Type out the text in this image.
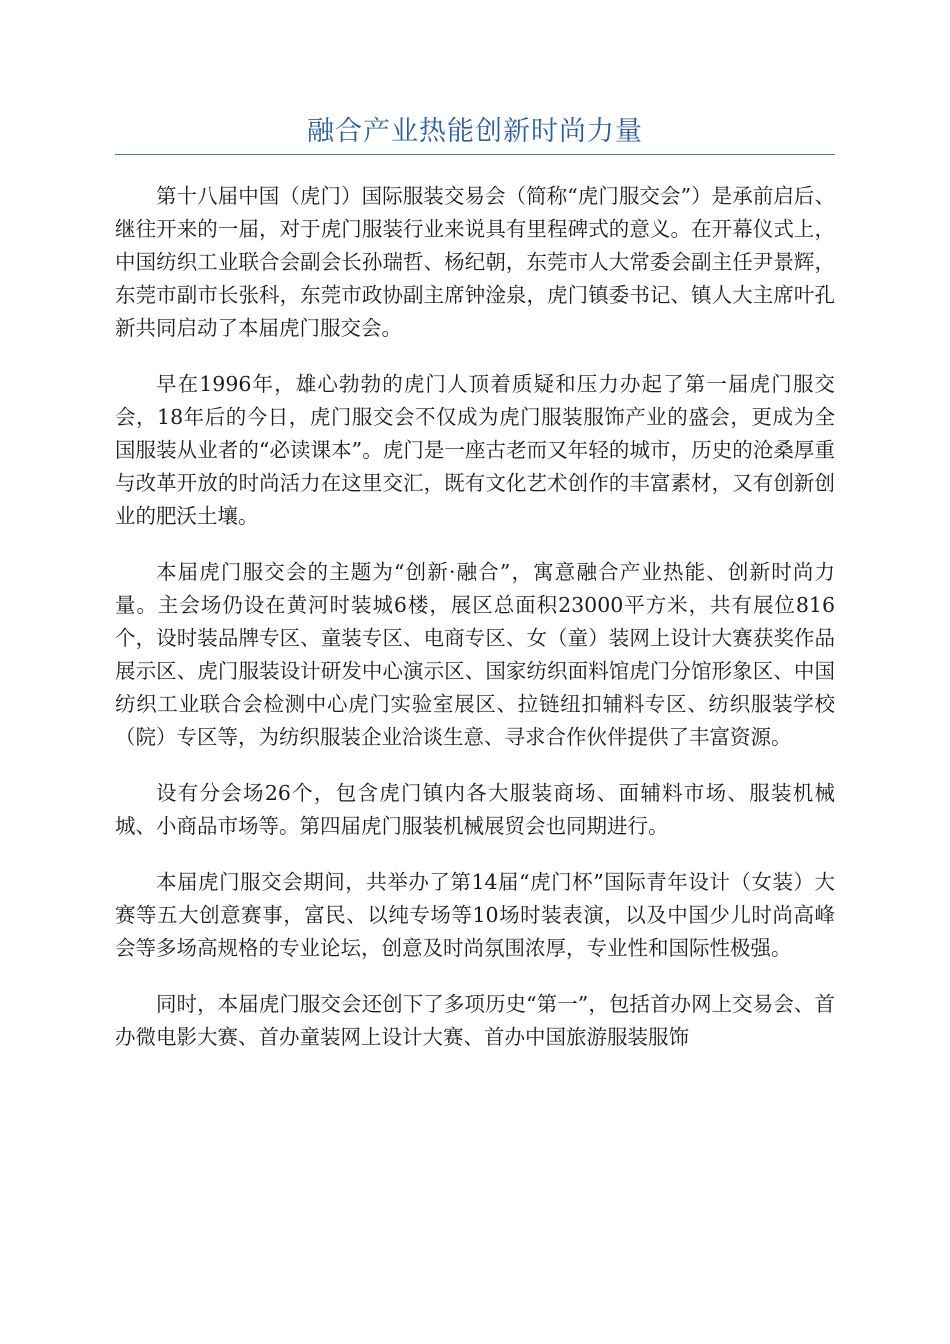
融合产业热能创新时尚力量

第十八届中国（虎门）国际服装交易会（简称“虎门服交会”）是承前启后、继往开来的一届，对于虎门服装行业来说具有里程碑式的意义。在开幕仪式上，中国纺织工业联合会副会长孙瑞哲、杨纪朝，东莞市人大常委会副主任尹景辉，东莞市副市长张科，东莞市政协副主席钟淦泉，虎门镇委书记、镇人大主席叶孔新共同启动了本届虎门服交会。

早在1996年，雄心勃勃的虎门人顶着质疑和压力办起了第一届虎门服交会，18年后的今日，虎门服交会不仅成为虎门服装服饰产业的盛会，更成为全国服装从业者的“必读课本”。虎门是一座古老而又年轻的城市，历史的沧桑厚重与改革开放的时尚活力在这里交汇，既有文化艺术创作的丰富素材，又有创新创业的肥沃土壤。

本届虎门服交会的主题为“创新·融合”，寓意融合产业热能、创新时尚力量。主会场仍设在黄河时装城6楼，展区总面积23000平方米，共有展位816个，设时装品牌专区、童装专区、电商专区、女（童）装网上设计大赛获奖作品展示区、虎门服装设计研发中心演示区、国家纺织面料馆虎门分馆形象区、中国纺织工业联合会检测中心虎门实验室展区、拉链纽扣辅料专区、纺织服装学校（院）专区等，为纺织服装企业洽谈生意、寻求合作伙伴提供了丰富资源。

设有分会场26个，包含虎门镇内各大服装商场、面辅料市场、服装机械城、小商品市场等。第四届虎门服装机械展贸会也同期进行。

本届虎门服交会期间，共举办了第14届“虎门杯”国际青年设计（女装）大赛等五大创意赛事，富民、以纯专场等10场时装表演，以及中国少儿时尚高峰会等多场高规格的专业论坛，创意及时尚氛围浓厚，专业性和国际性极强。

同时，本届虎门服交会还创下了多项历史“第一”，包括首办网上交易会、首办微电影大赛、首办童装网上设计大赛、首办中国旅游服装服饰
